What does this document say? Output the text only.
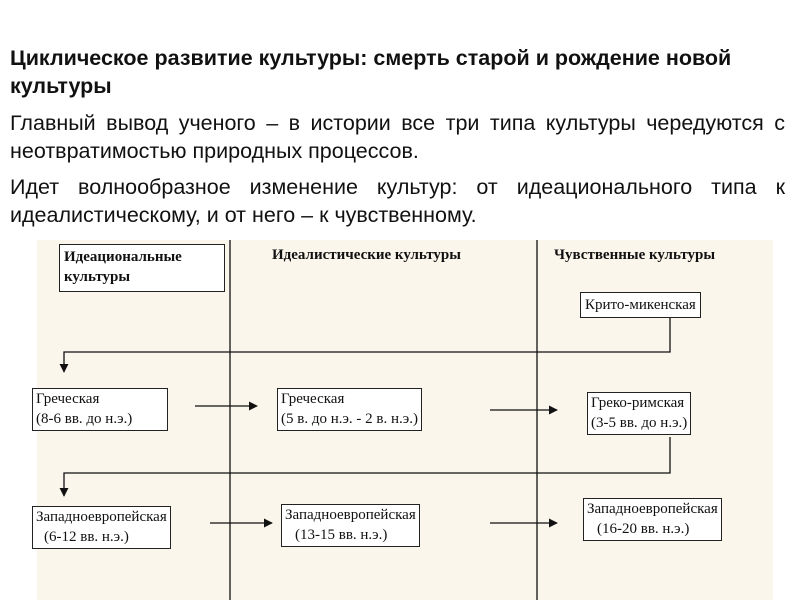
Циклическое развитие культуры: смерть старой и рождение новой культуры
Главный вывод ученого – в истории все три типа культуры чередуются с неотвратимостью природных процессов.
Идет волнообразное изменение культур: от идеационального типа к идеалистическому, и от него – к чувственному.
Идеациональные
культуры
Идеалистические культуры	Чувственные культуры
Крито-микенская
Греческая
(8-6 вв. до н.э.)
Греческая
(5 в. до н.э. - 2 в. н.э.)
Греко-римская
(3-5 вв. до н.э.)
Западноевропейская
(6-12 вв. н.э.)
Западноевропейская
(13-15 вв. н.э.)
Западноевропейская
(16-20 вв. н.э.)
